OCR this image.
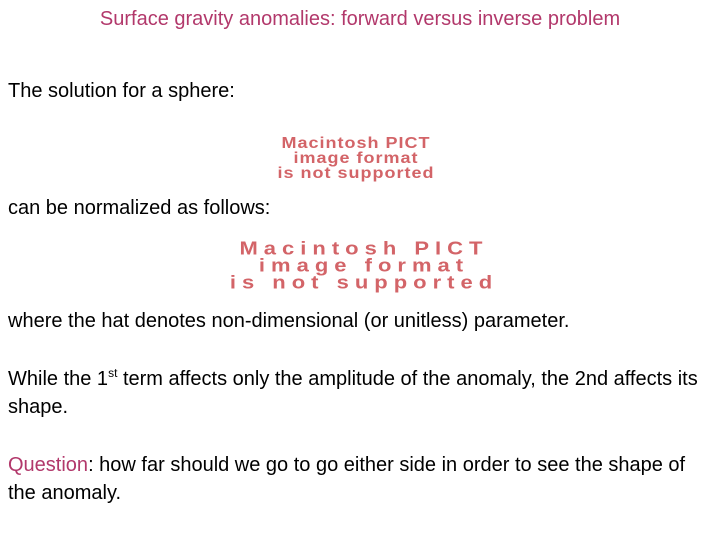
Surface gravity anomalies: forward versus inverse problem
The solution for a sphere:
Macintosh PICT
image format
is not supported
can be normalized as follows:
Macintosh PICT
image format
is not supported
where the hat denotes non-dimensional (or unitless) parameter.
While the 1st term affects only the amplitude of the anomaly, the 2nd affects its shape.
Question: how far should we go to go either side in order to see the shape of the anomaly.
